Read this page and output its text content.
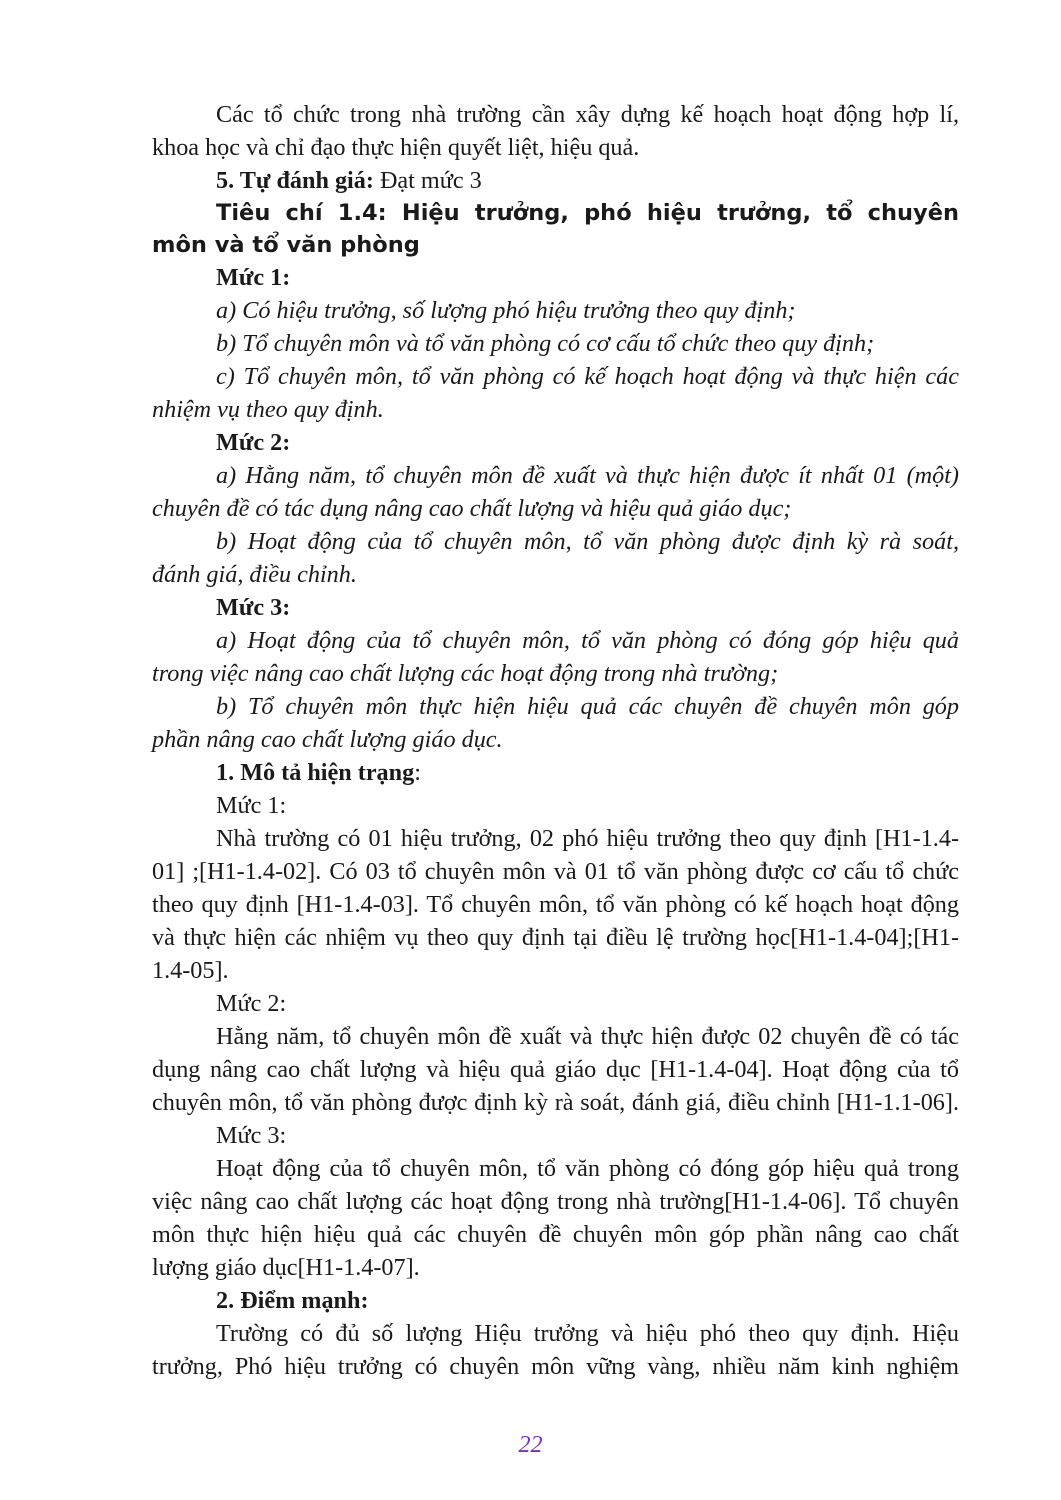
Các tổ chức trong nhà trường cần xây dựng kế hoạch hoạt động hợp lí,

khoa học và chỉ đạo thực hiện quyết liệt, hiệu quả.

5. Tự đánh giá: Đạt mức 3

Tiêu chí 1.4: Hiệu trưởng, phó hiệu trưởng, tổ chuyên

môn và tổ văn phòng

Mức 1:

a) Có hiệu trưởng, số lượng phó hiệu trưởng theo quy định;

b) Tổ chuyên môn và tổ văn phòng có cơ cấu tổ chức theo quy định;

c) Tổ chuyên môn, tổ văn phòng có kế hoạch hoạt động và thực hiện các

nhiệm vụ theo quy định.

Mức 2:

a) Hằng năm, tổ chuyên môn đề xuất và thực hiện được ít nhất 01 (một)

chuyên đề có tác dụng nâng cao chất lượng và hiệu quả giáo dục;

b) Hoạt động của tổ chuyên môn, tổ văn phòng được định kỳ rà soát,

đánh giá, điều chỉnh.

Mức 3:

a) Hoạt động của tổ chuyên môn, tổ văn phòng có đóng góp hiệu quả

trong việc nâng cao chất lượng các hoạt động trong nhà trường;

b) Tổ chuyên môn thực hiện hiệu quả các chuyên đề chuyên môn góp

phần nâng cao chất lượng giáo dục.

1. Mô tả hiện trạng:

Mức 1:

Nhà trường có 01 hiệu trưởng, 02 phó hiệu trưởng theo quy định [H1-1.4-

01] ;[H1-1.4-02]. Có 03 tổ chuyên môn và 01 tổ văn phòng được cơ cấu tổ chức

theo quy định [H1-1.4-03]. Tổ chuyên môn, tổ văn phòng có kế hoạch hoạt động

và thực hiện các nhiệm vụ theo quy định tại điều lệ trường học[H1-1.4-04];[H1-

1.4-05].

Mức 2:

Hằng năm, tổ chuyên môn đề xuất và thực hiện được 02 chuyên đề có tác

dụng nâng cao chất lượng và hiệu quả giáo dục [H1-1.4-04]. Hoạt động của tổ

chuyên môn, tổ văn phòng được định kỳ rà soát, đánh giá, điều chỉnh [H1-1.1-06].

Mức 3:

Hoạt động của tổ chuyên môn, tổ văn phòng có đóng góp hiệu quả trong

việc nâng cao chất lượng các hoạt động trong nhà trường[H1-1.4-06]. Tổ chuyên

môn thực hiện hiệu quả các chuyên đề chuyên môn góp phần nâng cao chất

lượng giáo dục[H1-1.4-07].

2. Điểm mạnh:

Trường có đủ số lượng Hiệu trưởng và hiệu phó theo quy định. Hiệu

trưởng, Phó hiệu trưởng có chuyên môn vững vàng, nhiều năm kinh nghiệm

22
